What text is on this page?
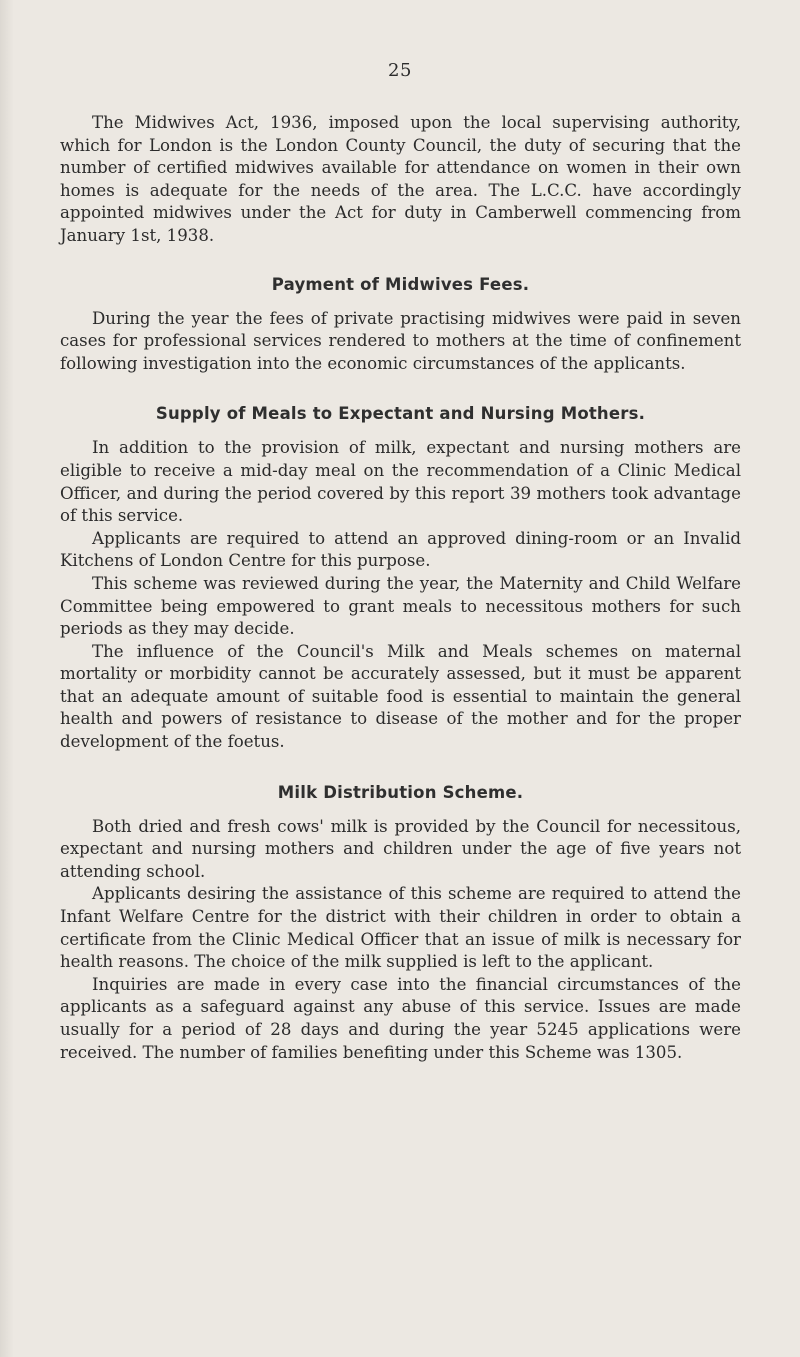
25

The Midwives Act, 1936, imposed upon the local supervising authority, which for London is the London County Council, the duty of securing that the number of certified midwives available for attendance on women in their own homes is adequate for the needs of the area. The L.C.C. have accordingly appointed midwives under the Act for duty in Camberwell commencing from January 1st, 1938.

Payment of Midwives Fees.

During the year the fees of private practising midwives were paid in seven cases for professional services rendered to mothers at the time of confinement following investigation into the economic circumstances of the applicants.

Supply of Meals to Expectant and Nursing Mothers.

In addition to the provision of milk, expectant and nursing mothers are eligible to receive a mid-day meal on the recommendation of a Clinic Medical Officer, and during the period covered by this report 39 mothers took advantage of this service.

Applicants are required to attend an approved dining-room or an Invalid Kitchens of London Centre for this purpose.

This scheme was reviewed during the year, the Maternity and Child Welfare Committee being empowered to grant meals to necessitous mothers for such periods as they may decide.

The influence of the Council's Milk and Meals schemes on maternal mortality or morbidity cannot be accurately assessed, but it must be apparent that an adequate amount of suitable food is essential to maintain the general health and powers of resistance to disease of the mother and for the proper development of the foetus.

Milk Distribution Scheme.

Both dried and fresh cows' milk is provided by the Council for necessitous, expectant and nursing mothers and children under the age of five years not attending school.

Applicants desiring the assistance of this scheme are required to attend the Infant Welfare Centre for the district with their children in order to obtain a certificate from the Clinic Medical Officer that an issue of milk is necessary for health reasons. The choice of the milk supplied is left to the applicant.

Inquiries are made in every case into the financial circumstances of the applicants as a safeguard against any abuse of this service. Issues are made usually for a period of 28 days and during the year 5245 applications were received. The number of families benefiting under this Scheme was 1305.
